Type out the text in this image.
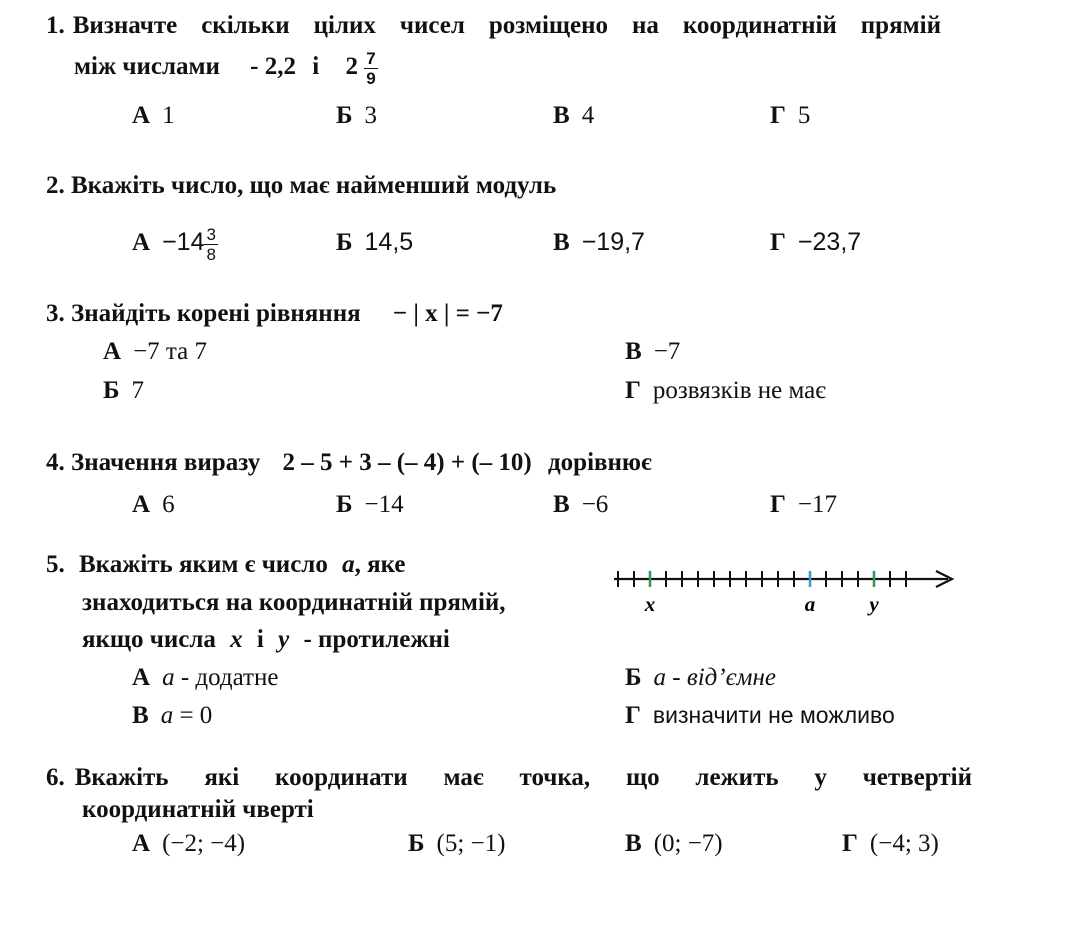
1. Визначте скільки цілих чисел розміщено на координатній прямій
між числами - 2,2 і $2 \frac{7}{9}$
А 1	Б 3	В 4	Г 5
2. Вкажіть число, що має найменший модуль
$А -14 \frac{3}{8}$	Б 14,5	В −19,7	Г −23,7
3. Знайдіть корені рівняння − | x | = −7
А −7 та 7	В −7
Б 7	Г розвязків не має
4. Значення виразу 2 – 5 + 3 – (– 4) + (– 10) дорівнює
А 6	Б −14	В −6	Г −17
5. Вкажіть яким є число a, яке
знаходиться на координатній прямій,
якщо числа x і y - протилежні
x	a	y
А a - додатне	Б a - від’ємне
В a = 0	Г визначити не можливо
6. Вкажіть які координати має точка, що лежить у четвертій
координатній чверті
А (−2; −4)	Б (5; −1)	В (0; −7)	Г (−4; 3)
